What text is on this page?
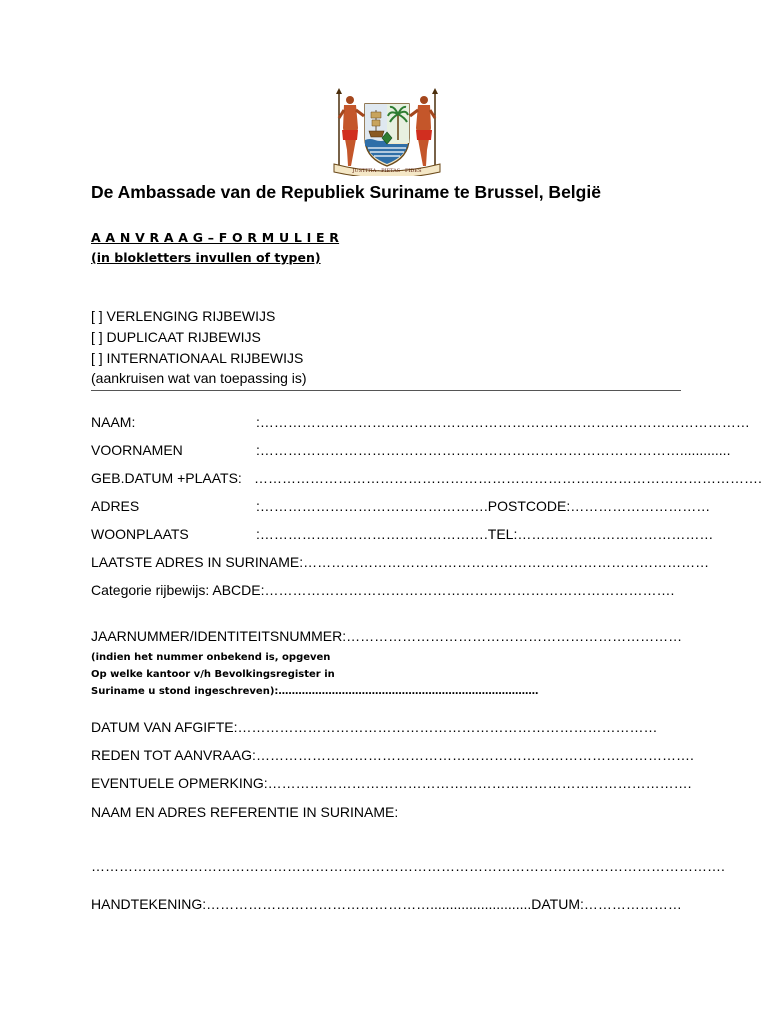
JUSTITIA · PIETAS · FIDES
De Ambassade van de Republiek Suriname te Brussel, België
A A N V R A A G – F O R M U L I E R
(in blokletters invullen of typen)
[ ] VERLENGING RIJBEWIJS
[ ] DUPLICAAT RIJBEWIJS
[ ] INTERNATIONAAL RIJBEWIJS
(aankruisen wat van toepassing is)
NAAM:	:……………………………………………………………………………………………
VOORNAMEN	:……………………………………………………………………………….............
GEB.DATUM +PLAATS: ……………………………………………………………………………………………….
ADRES	:………………………………………….POSTCODE:…………………………
WOONPLAATS	:………………………………………….TEL:……………………………………
LAATSTE ADRES IN SURINAME:……………………………………………………………………………
Categorie rijbewijs: ABCDE:…………………………………………………………………………….
JAARNUMMER/IDENTITEITSNUMMER:………………………………………………………………
(indien het nummer onbekend is, opgeven
Op welke kantoor v/h Bevolkingsregister in
Suriname u stond ingeschreven):……………………………………………………………………
DATUM VAN AFGIFTE:………………………………………………………………………………
REDEN TOT AANVRAAG:………………………………………………………………………………….
EVENTUELE OPMERKING:……………………………………………………………………………….
NAAM EN ADRES REFERENTIE IN SURINAME:
……………………………………………………………………………………………………………………….
HANDTEKENING:…………………………………………..........................DATUM:…………………
